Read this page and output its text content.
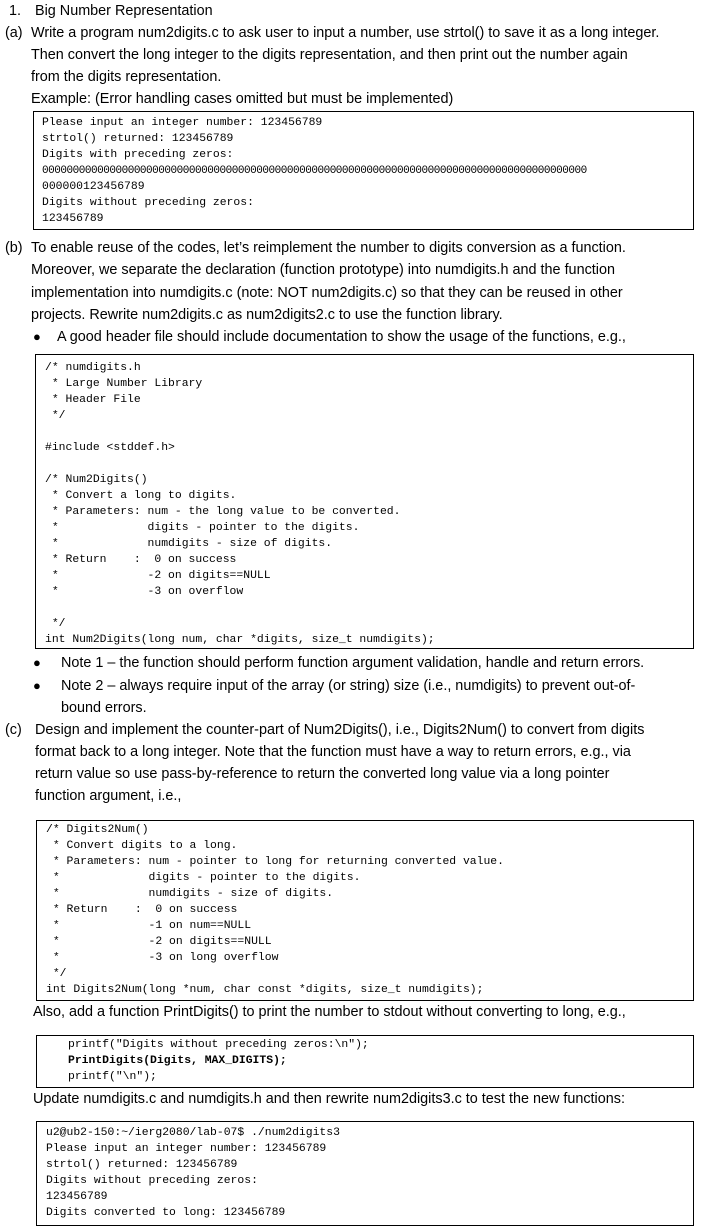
1. Big Number Representation
(a) Write a program num2digits.c to ask user to input a number, use strtol() to save it as a long integer.
Then convert the long integer to the digits representation, and then print out the number again
from the digits representation.
Example: (Error handling cases omitted but must be implemented)
Please input an integer number: 123456789
strtol() returned: 123456789
Digits with preceding zeros:
00000000000000000000000000000000000000000000000000000000000000000000000000000000000000000
000000123456789
Digits without preceding zeros:
123456789
(b) To enable reuse of the codes, let’s reimplement the number to digits conversion as a function.
Moreover, we separate the declaration (function prototype) into numdigits.h and the function
implementation into numdigits.c (note: NOT num2digits.c) so that they can be reused in other
projects. Rewrite num2digits.c as num2digits2.c to use the function library.
● A good header file should include documentation to show the usage of the functions, e.g.,
/* numdigits.h
* Large Number Library
* Header File
*/
#include <stddef.h>
/* Num2Digits()
* Convert a long to digits.
* Parameters: num - the long value to be converted.
*             digits - pointer to the digits.
*             numdigits - size of digits.
* Return    :  0 on success
*             -2 on digits==NULL
*             -3 on overflow
*/
int Num2Digits(long num, char *digits, size_t numdigits);
● Note 1 – the function should perform function argument validation, handle and return errors.
● Note 2 – always require input of the array (or string) size (i.e., numdigits) to prevent out-of-
bound errors.
(c) Design and implement the counter-part of Num2Digits(), i.e., Digits2Num() to convert from digits
format back to a long integer. Note that the function must have a way to return errors, e.g., via
return value so use pass-by-reference to return the converted long value via a long pointer
function argument, i.e.,
/* Digits2Num()
* Convert digits to a long.
* Parameters: num - pointer to long for returning converted value.
*             digits - pointer to the digits.
*             numdigits - size of digits.
* Return    :  0 on success
*             -1 on num==NULL
*             -2 on digits==NULL
*             -3 on long overflow
*/
int Digits2Num(long *num, char const *digits, size_t numdigits);
Also, add a function PrintDigits() to print the number to stdout without converting to long, e.g.,
printf("Digits without preceding zeros:\n");
PrintDigits(Digits, MAX_DIGITS);
printf("\n");
Update numdigits.c and numdigits.h and then rewrite num2digits3.c to test the new functions:
u2@ub2-150:~/ierg2080/lab-07$ ./num2digits3
Please input an integer number: 123456789
strtol() returned: 123456789
Digits without preceding zeros:
123456789
Digits converted to long: 123456789
